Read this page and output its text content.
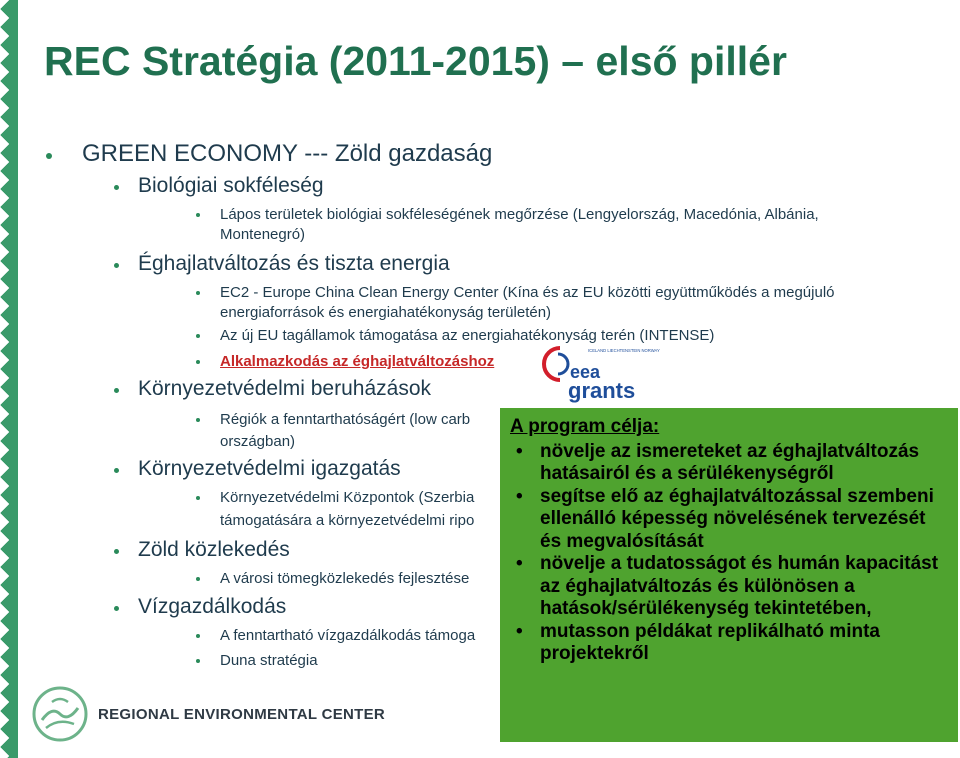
REC Stratégia (2011-2015) – első pillér
GREEN ECONOMY --- Zöld gazdaság
Biológiai sokféleség
Lápos területek biológiai sokféleségének megőrzése (Lengyelország, Macedónia, Albánia,
Montenegró)
Éghajlatváltozás és tiszta energia
EC2 - Europe China Clean Energy Center (Kína és az EU közötti együttműködés a megújuló
energiaforrások és energiahatékonyság területén)
Az új EU tagállamok támogatása az energiahatékonyság terén (INTENSE)
Alkalmazkodás az éghajlatváltozáshoz
Környezetvédelmi beruházások
Régiók a fenntarthatóságért (low carb
országban)
Környezetvédelmi igazgatás
Környezetvédelmi Központok (Szerbia
támogatására a környezetvédelmi ripo
Zöld közlekedés
A városi tömegközlekedés fejlesztése
Vízgazdálkodás
A fenntartható vízgazdálkodás támoga
Duna stratégia
ICELAND LIECHTENSTEIN NORWAY
eea
grants
A program célja:
• növelje az ismereteket az éghajlatváltozás hatásairól és a sérülékenységről
• segítse elő az éghajlatváltozással szembeni ellenálló képesség növelésének tervezését és megvalósítását
• növelje a tudatosságot és humán kapacitást az éghajlatváltozás és különösen a hatások/sérülékenység tekintetében,
• mutasson példákat replikálható minta projektekről
REGIONAL ENVIRONMENTAL CENTER
